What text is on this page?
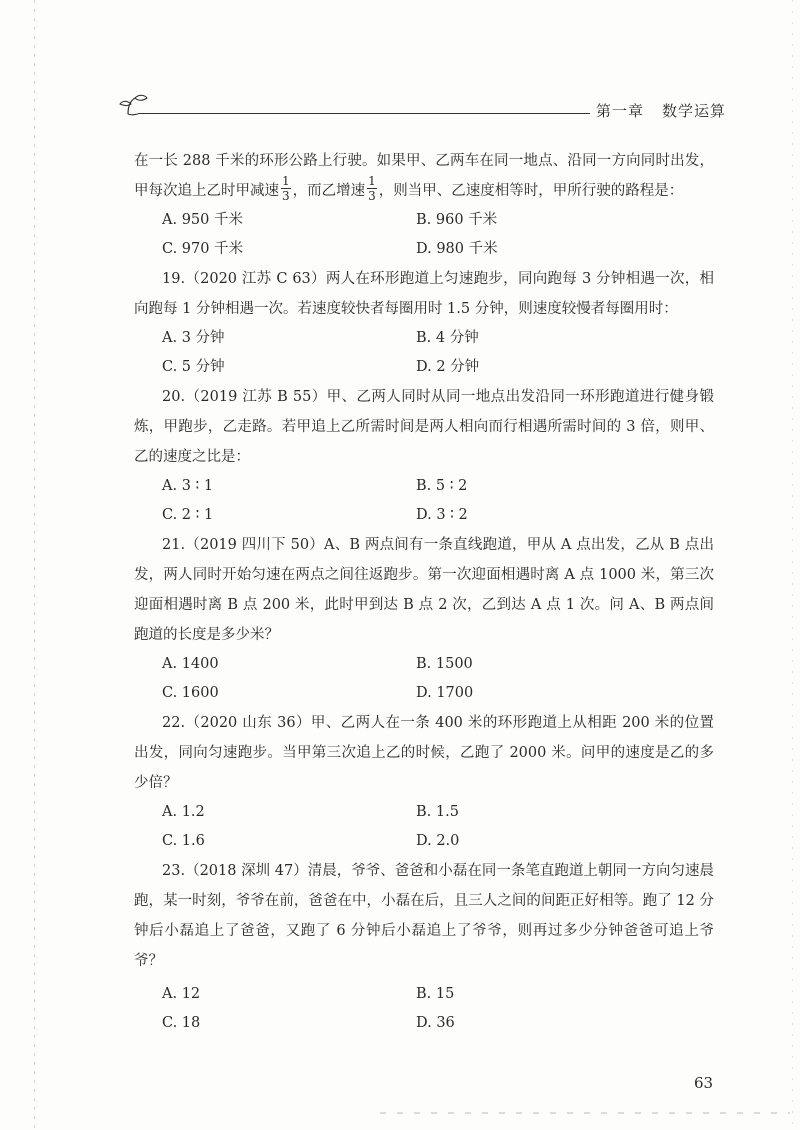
第一章 数学运算

在一长 288 千米的环形公路上行驶。如果甲、乙两车在同一地点、沿同一方向同时出发，甲每次追上乙时甲减速 $\frac{1}{3}$ ，而乙增速 $\frac{1}{3}$ ，则当甲、乙速度相等时，甲所行驶的路程是：

A. 950 千米	B. 960 千米
C. 970 千米	D. 980 千米

19.（2020 江苏 C 63）两人在环形跑道上匀速跑步，同向跑每 3 分钟相遇一次，相向跑每 1 分钟相遇一次。若速度较快者每圈用时 1.5 分钟，则速度较慢者每圈用时：

A. 3 分钟	B. 4 分钟
C. 5 分钟	D. 2 分钟

20.（2019 江苏 B 55）甲、乙两人同时从同一地点出发沿同一环形跑道进行健身锻炼，甲跑步，乙走路。若甲追上乙所需时间是两人相向而行相遇所需时间的 3 倍，则甲、乙的速度之比是：

A. 3 ∶ 1	B. 5 ∶ 2
C. 2 ∶ 1	D. 3 ∶ 2

21.（2019 四川下 50）A、B 两点间有一条直线跑道，甲从 A 点出发，乙从 B 点出发，两人同时开始匀速在两点之间往返跑步。第一次迎面相遇时离 A 点 1000 米，第三次迎面相遇时离 B 点 200 米，此时甲到达 B 点 2 次，乙到达 A 点 1 次。问 A、B 两点间跑道的长度是多少米？

A. 1400	B. 1500
C. 1600	D. 1700

22.（2020 山东 36）甲、乙两人在一条 400 米的环形跑道上从相距 200 米的位置出发，同向匀速跑步。当甲第三次追上乙的时候，乙跑了 2000 米。问甲的速度是乙的多少倍？

A. 1.2	B. 1.5
C. 1.6	D. 2.0

23.（2018 深圳 47）清晨，爷爷、爸爸和小磊在同一条笔直跑道上朝同一方向匀速晨跑，某一时刻，爷爷在前，爸爸在中，小磊在后，且三人之间的间距正好相等。跑了 12 分钟后小磊追上了爸爸，又跑了 6 分钟后小磊追上了爷爷，则再过多少分钟爸爸可追上爷爷？

A. 12	B. 15
C. 18	D. 36
63
